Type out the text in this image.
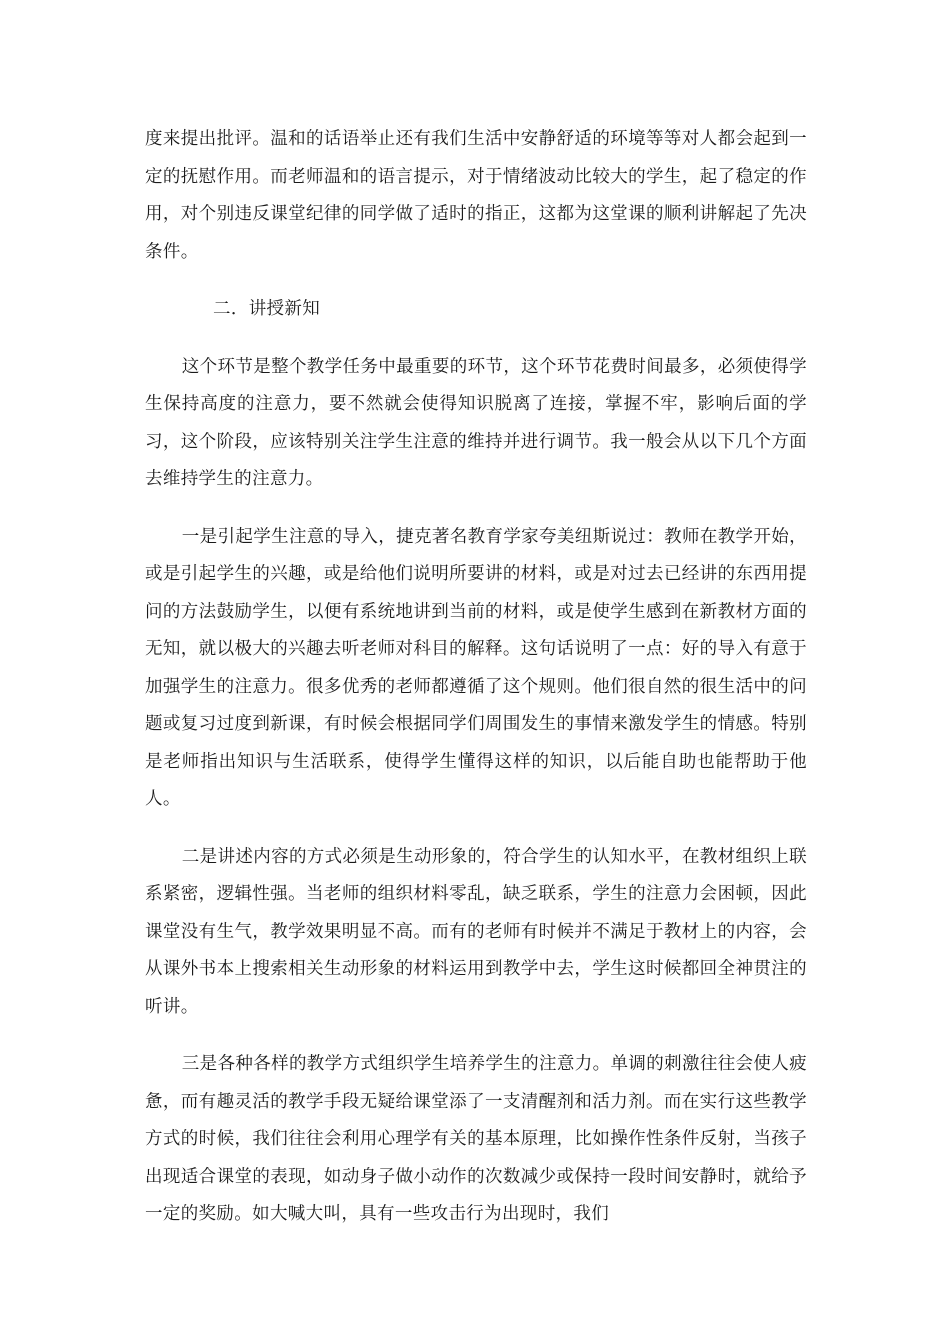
度来提出批评。温和的话语举止还有我们生活中安静舒适的环境等等对人都会起到一定的抚慰作用。而老师温和的语言提示，对于情绪波动比较大的学生，起了稳定的作用，对个别违反课堂纪律的同学做了适时的指正，这都为这堂课的顺利讲解起了先决条件。

二．讲授新知

这个环节是整个教学任务中最重要的环节，这个环节花费时间最多，必须使得学生保持高度的注意力，要不然就会使得知识脱离了连接，掌握不牢，影响后面的学习，这个阶段，应该特别关注学生注意的维持并进行调节。我一般会从以下几个方面去维持学生的注意力。

一是引起学生注意的导入，捷克著名教育学家夸美纽斯说过：教师在教学开始，或是引起学生的兴趣，或是给他们说明所要讲的材料，或是对过去已经讲的东西用提问的方法鼓励学生，以便有系统地讲到当前的材料，或是使学生感到在新教材方面的无知，就以极大的兴趣去听老师对科目的解释。这句话说明了一点：好的导入有意于加强学生的注意力。很多优秀的老师都遵循了这个规则。他们很自然的很生活中的问题或复习过度到新课，有时候会根据同学们周围发生的事情来激发学生的情感。特别是老师指出知识与生活联系，使得学生懂得这样的知识，以后能自助也能帮助于他人。

二是讲述内容的方式必须是生动形象的，符合学生的认知水平，在教材组织上联系紧密，逻辑性强。当老师的组织材料零乱，缺乏联系，学生的注意力会困顿，因此课堂没有生气，教学效果明显不高。而有的老师有时候并不满足于教材上的内容，会从课外书本上搜索相关生动形象的材料运用到教学中去，学生这时候都回全神贯注的听讲。

三是各种各样的教学方式组织学生培养学生的注意力。单调的刺激往往会使人疲惫，而有趣灵活的教学手段无疑给课堂添了一支清醒剂和活力剂。而在实行这些教学方式的时候，我们往往会利用心理学有关的基本原理，比如操作性条件反射，当孩子出现适合课堂的表现，如动身子做小动作的次数减少或保持一段时间安静时，就给予一定的奖励。如大喊大叫，具有一些攻击行为出现时，我们
